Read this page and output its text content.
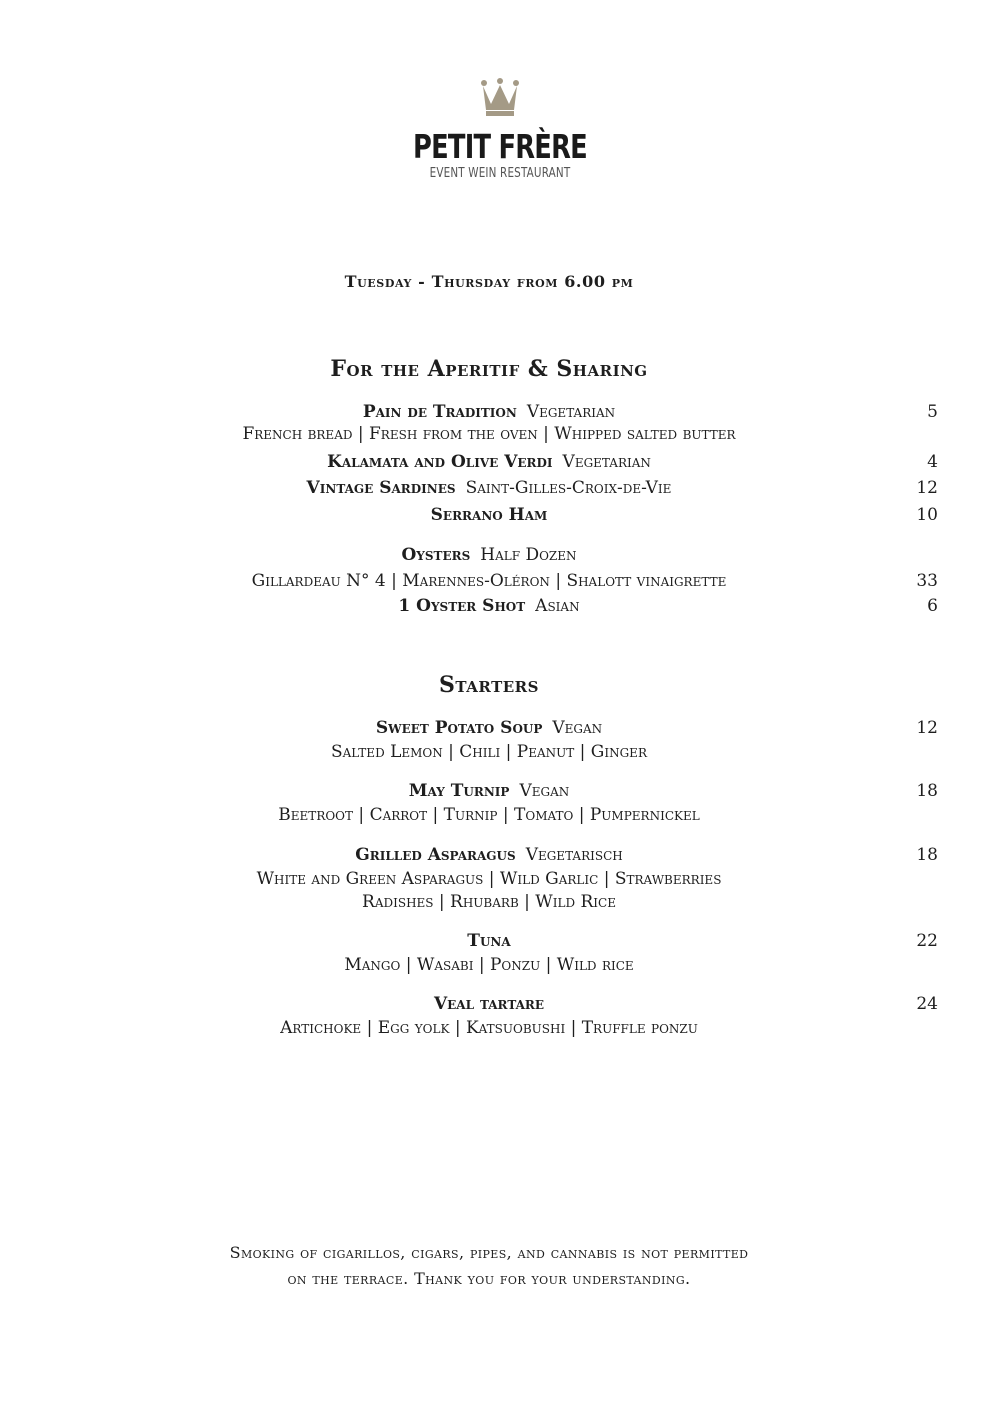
PETIT FRÈRE
EVENT WEIN RESTAURANT
Tuesday - Thursday from 6.00 pm
For the Aperitif & Sharing
Pain de Tradition Vegetarian	5
French bread | Fresh from the oven | Whipped salted butter
Kalamata and Olive Verdi Vegetarian	4
Vintage Sardines Saint-Gilles-Croix-de-Vie	12
Serrano Ham	10
Oysters Half Dozen
Gillardeau N° 4 | Marennes-Oléron | Shalott vinaigrette	33
1 Oyster Shot Asian	6
Starters
Sweet Potato Soup Vegan	12
Salted Lemon | Chili | Peanut | Ginger
May Turnip Vegan	18
Beetroot | Carrot | Turnip | Tomato | Pumpernickel
Grilled Asparagus Vegetarisch	18
White and Green Asparagus | Wild Garlic | Strawberries
Radishes | Rhubarb | Wild Rice
Tuna	22
Mango | Wasabi | Ponzu | Wild rice
Veal tartare	24
Artichoke | Egg yolk | Katsuobushi | Truffle ponzu
Smoking of cigarillos, cigars, pipes, and cannabis is not permitted
on the terrace. Thank you for your understanding.
